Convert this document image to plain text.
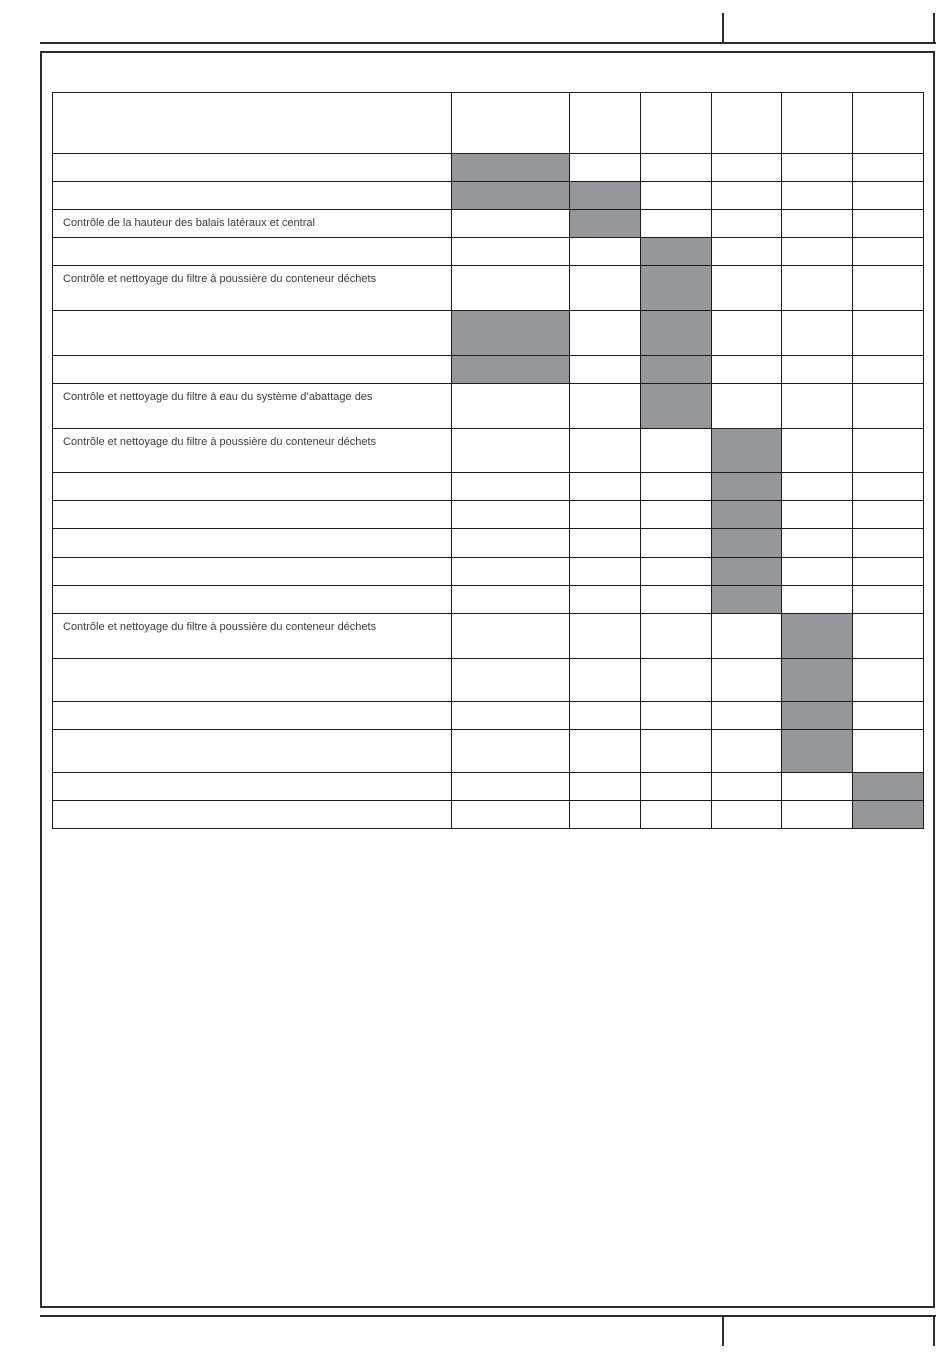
Contrôle de la hauteur des balais latéraux et central						

Contrôle et nettoyage du filtre à poussière du conteneur déchets						

Contrôle et nettoyage du filtre à eau du système d’abattage des						
Contrôle et nettoyage du filtre à poussière du conteneur déchets						

Contrôle et nettoyage du filtre à poussière du conteneur déchets						
